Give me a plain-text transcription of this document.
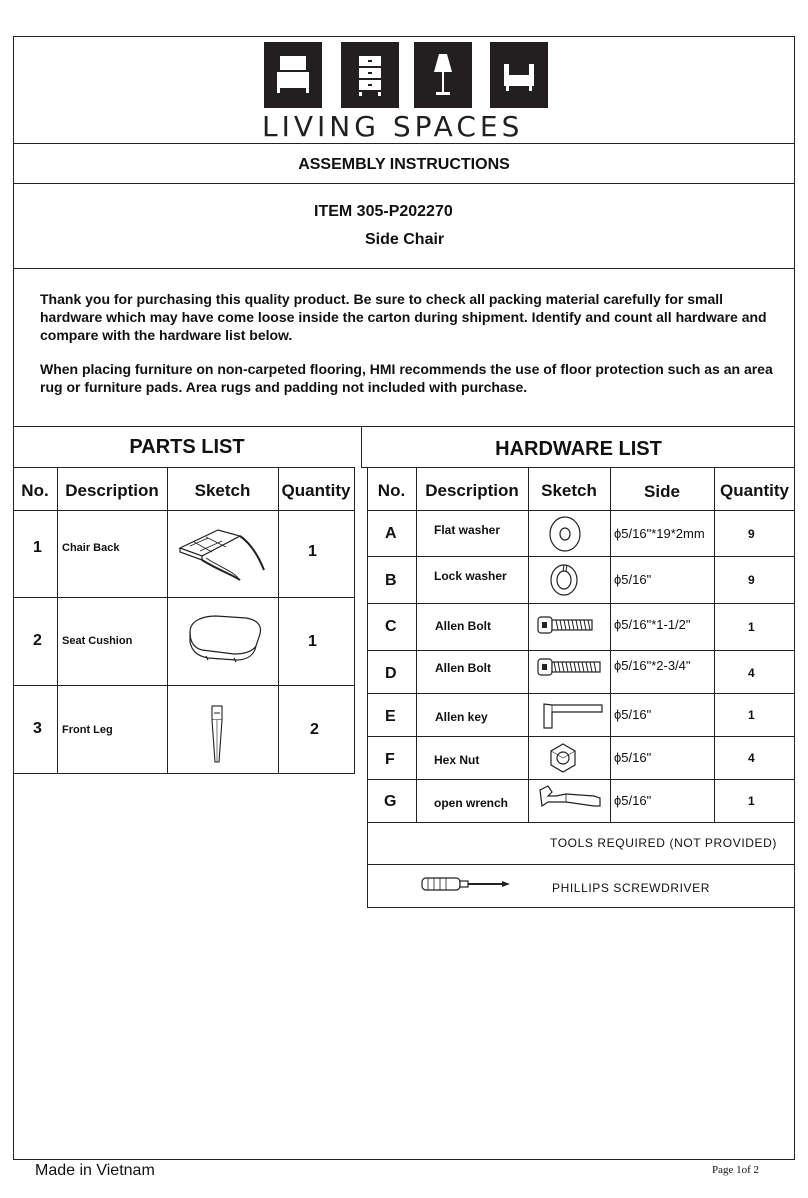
LIVING SPACES
ASSEMBLY INSTRUCTIONS
ITEM 305-P202270
Side Chair
Thank you for purchasing this quality product. Be sure to check all packing material carefully for small hardware which may have come loose inside the carton during shipment. Identify and count all hardware and compare with the hardware list below.
When placing furniture on non-carpeted flooring, HMI recommends the use of floor protection such as an area rug or furniture pads. Area rugs and padding not included with purchase.
PARTS LIST
No. Description	Sketch	Quantity
1 Chair Back	1
2 Seat Cushion	1
3 Front Leg	2
HARDWARE LIST
No.	Description	Sketch	Side	Quantity
A	Flat washer	ϕ5/16"*19*2mm	9
B	Lock washer	ϕ5/16"	9
C	Allen Bolt	ϕ5/16"*1-1/2"	1
D	Allen Bolt	ϕ5/16"*2-3/4"	4
E	Allen key	ϕ5/16"	1
F	Hex Nut	ϕ5/16"	4
G	open wrench	ϕ5/16"	1
TOOLS REQUIRED (NOT PROVIDED)
PHILLIPS SCREWDRIVER
Made in Vietnam	Page 1of 2
